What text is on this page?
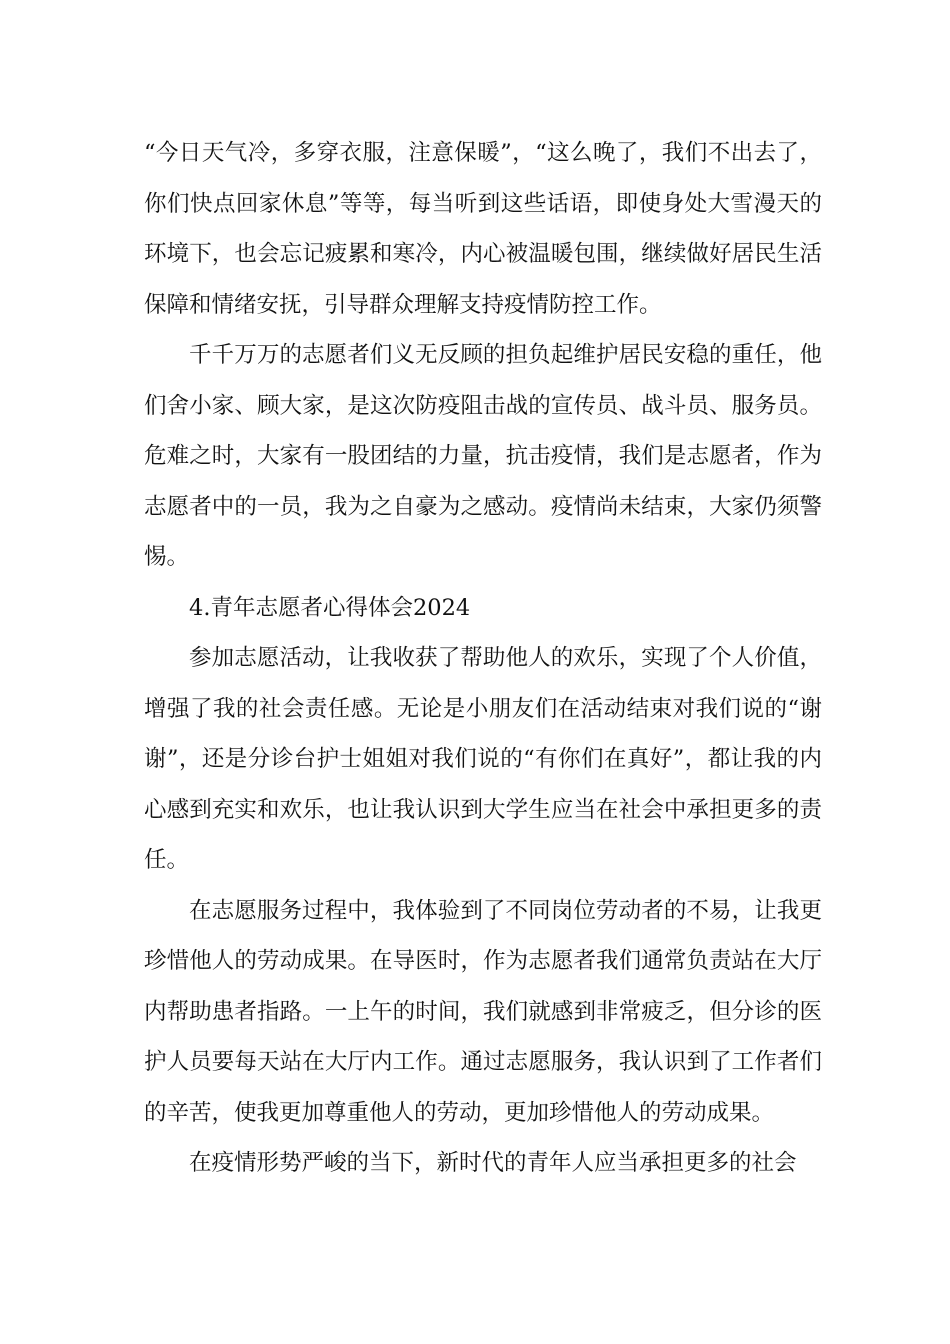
“今日天气冷，多穿衣服，注意保暖”，“这么晚了，我们不出去了，你们快点回家休息”等等，每当听到这些话语，即使身处大雪漫天的环境下，也会忘记疲累和寒冷，内心被温暖包围，继续做好居民生活保障和情绪安抚，引导群众理解支持疫情防控工作。

千千万万的志愿者们义无反顾的担负起维护居民安稳的重任，他们舍小家、顾大家，是这次防疫阻击战的宣传员、战斗员、服务员。危难之时，大家有一股团结的力量，抗击疫情，我们是志愿者，作为志愿者中的一员，我为之自豪为之感动。疫情尚未结束，大家仍须警惕。

4.青年志愿者心得体会2024

参加志愿活动，让我收获了帮助他人的欢乐，实现了个人价值，增强了我的社会责任感。无论是小朋友们在活动结束对我们说的“谢谢”，还是分诊台护士姐姐对我们说的“有你们在真好”，都让我的内心感到充实和欢乐，也让我认识到大学生应当在社会中承担更多的责任。

在志愿服务过程中，我体验到了不同岗位劳动者的不易，让我更珍惜他人的劳动成果。在导医时，作为志愿者我们通常负责站在大厅内帮助患者指路。一上午的时间，我们就感到非常疲乏，但分诊的医护人员要每天站在大厅内工作。通过志愿服务，我认识到了工作者们的辛苦，使我更加尊重他人的劳动，更加珍惜他人的劳动成果。

在疫情形势严峻的当下，新时代的青年人应当承担更多的社会
